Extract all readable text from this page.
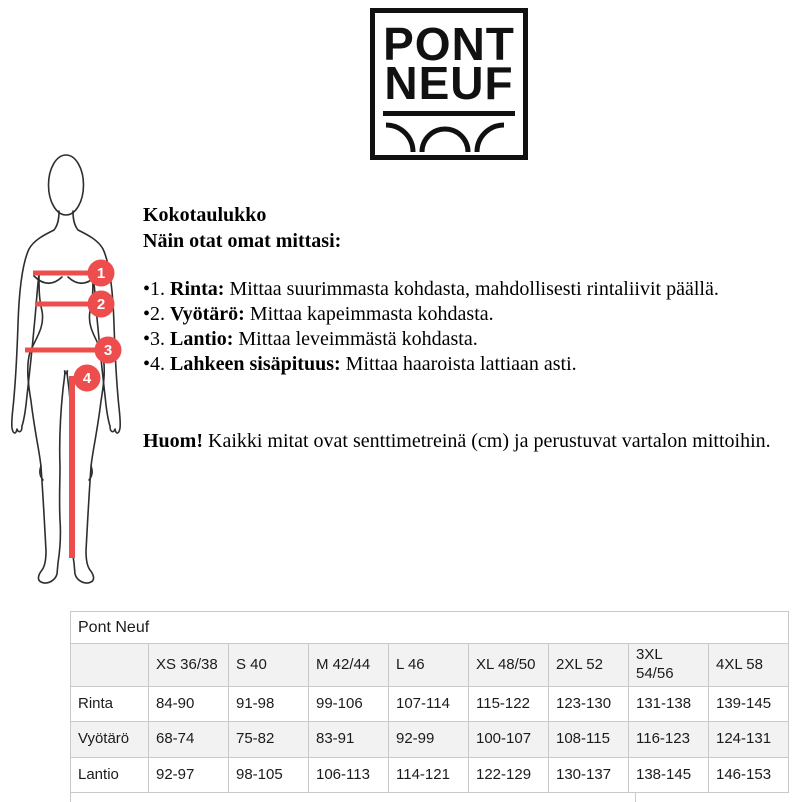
PONT
NEUF
1
2
3
4
Kokotaulukko
Näin otat omat mittasi:
•1. Rinta: Mittaa suurimmasta kohdasta, mahdollisesti rintaliivit päällä.
•2. Vyötärö: Mittaa kapeimmasta kohdasta.
•3. Lantio: Mittaa leveimmästä kohdasta.
•4. Lahkeen sisäpituus: Mittaa haaroista lattiaan asti.
Huom! Kaikki mitat ovat senttimetreinä (cm) ja perustuvat vartalon mittoihin.
Pont Neuf								
	XS 36/38	S 40	M 42/44	L 46	XL 48/50	2XL 52	3XL 54/56	4XL 58
Rinta	84-90	91-98	99-106	107-114	115-122	123-130	131-138	139-145
Vyötärö	68-74	75-82	83-91	92-99	100-107	108-115	116-123	124-131
Lantio	92-97	98-105	106-113	114-121	122-129	130-137	138-145	146-153
